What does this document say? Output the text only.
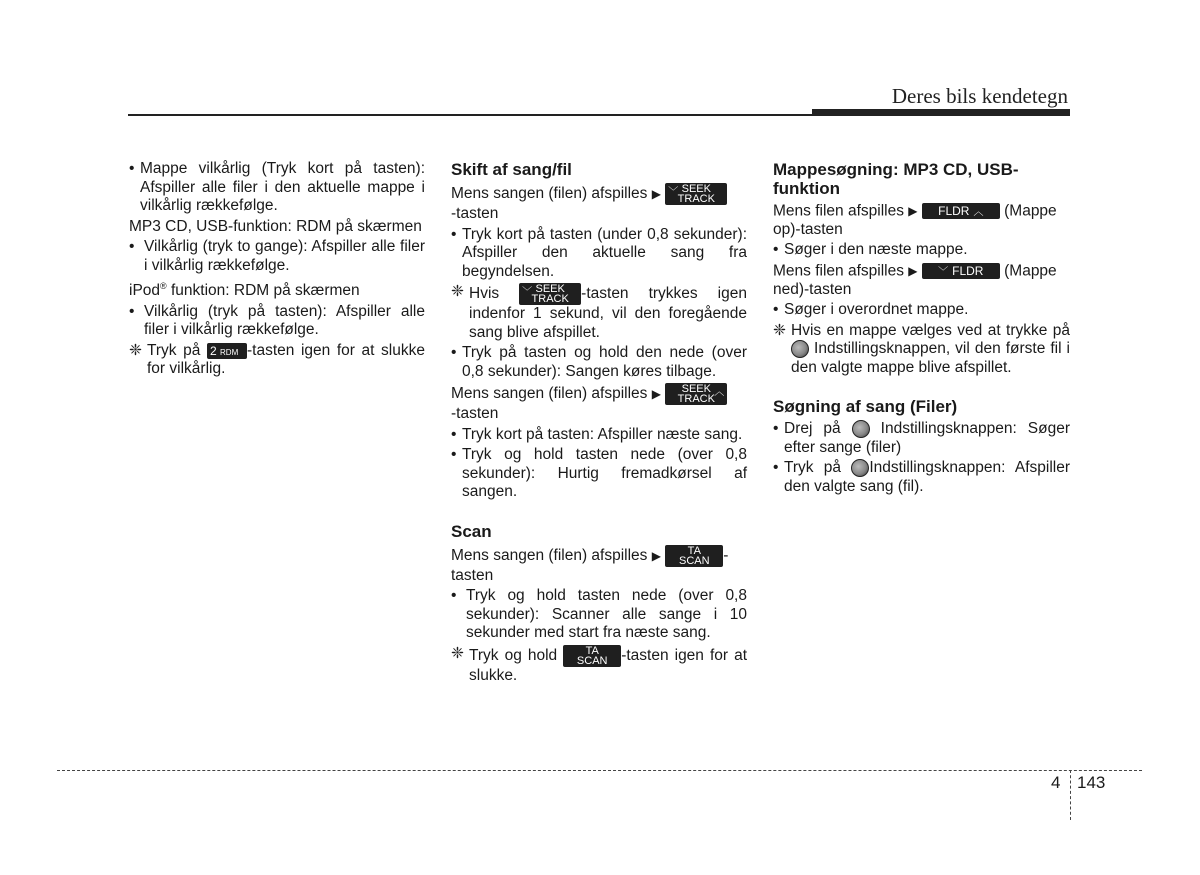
Deres bils kendetegn
• Mappe vilkårlig (Tryk kort på tasten): Afspiller alle filer i den aktuelle mappe i vilkårlig rækkefølge.
MP3 CD, USB-funktion: RDM på skærmen
• Vilkårlig (tryk to gange): Afspiller alle filer i vilkårlig rækkefølge.
iPod® funktion: RDM på skærmen
• Vilkårlig (tryk på tasten): Afspiller alle filer i vilkårlig rækkefølge.
❈ Tryk på 2 RDM -tasten igen for at slukke for vilkårlig.
Skift af sang/fil
Mens sangen (filen) afspilles ▶ ﹀ SEEK
TRACK

-tasten
• Tryk kort på tasten (under 0,8 sekunder): Afspiller den aktuelle sang fra begyndelsen.
❈ Hvis ﹀ SEEK
TRACK -tasten trykkes igen indenfor 1 sekund, vil den foregående sang blive afspillet.
• Tryk på tasten og hold den nede (over 0,8 sekunder): Sangen køres tilbage.
Mens sangen (filen) afspilles ▶	︿
SEEK
TRACK

-tasten
• Tryk kort på tasten: Afspiller næste sang.
• Tryk og hold tasten nede (over 0,8 sekunder): Hurtig fremadkørsel af sangen.
Scan
Mens sangen (filen) afspilles ▶	TA
SCAN -tasten
• Tryk og hold tasten nede (over 0,8 sekunder): Scanner alle sange i 10 sekunder med start fra næste sang.
❈ Tryk og hold	TA
SCAN -tasten igen for at slukke.
Mappesøgning: MP3 CD, USB-funktion
Mens filen afspilles ▶ FLDR ︿ (Mappe op)-tasten
• Søger i den næste mappe.
Mens filen afspilles ▶ ﹀ FLDR (Mappe ned)-tasten
• Søger i overordnet mappe.
❈ Hvis en mappe vælges ved at trykke på  Indstillingsknappen, vil den første fil i den valgte mappe blive afspillet.
Søgning af sang (Filer)
• Drej på  Indstillingsknappen: Søger efter sange (filer)
• Tryk på Indstillingsknappen: Afspiller den valgte sang (fil).
4 143
